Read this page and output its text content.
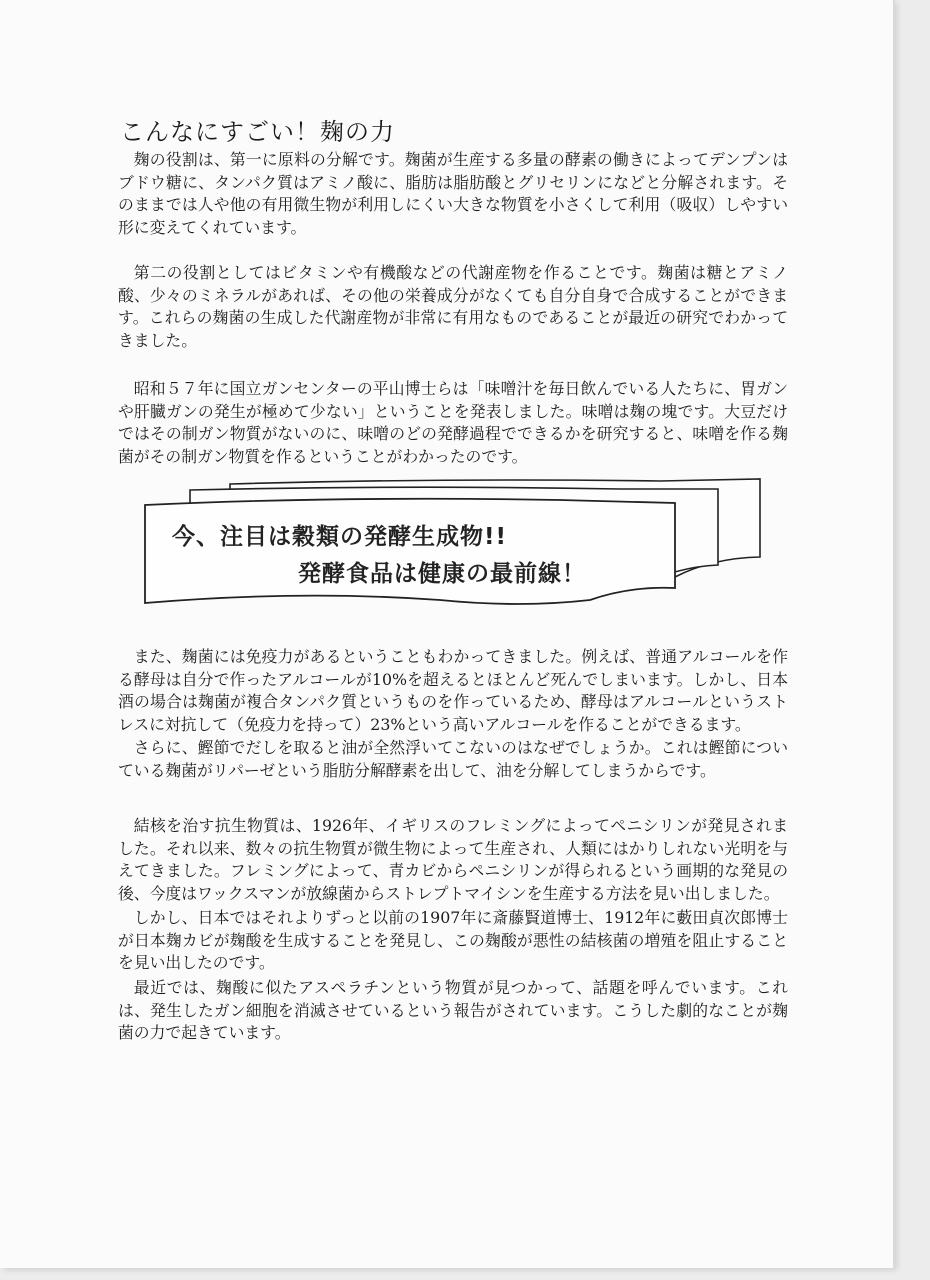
こんなにすごい！麹の力

麹の役割は、第一に原料の分解です。麹菌が生産する多量の酵素の働きによってデンプンはブドウ糖に、タンパク質はアミノ酸に、脂肪は脂肪酸とグリセリンになどと分解されます。そのままでは人や他の有用微生物が利用しにくい大きな物質を小さくして利用（吸収）しやすい形に変えてくれています。

第二の役割としてはビタミンや有機酸などの代謝産物を作ることです。麹菌は糖とアミノ酸、少々のミネラルがあれば、その他の栄養成分がなくても自分自身で合成することができます。これらの麹菌の生成した代謝産物が非常に有用なものであることが最近の研究でわかってきました。

昭和５７年に国立ガンセンターの平山博士らは「味噌汁を毎日飲んでいる人たちに、胃ガンや肝臓ガンの発生が極めて少ない」ということを発表しました。味噌は麹の塊です。大豆だけではその制ガン物質がないのに、味噌のどの発酵過程でできるかを研究すると、味噌を作る麹菌がその制ガン物質を作るということがわかったのです。

今、注目は穀類の発酵生成物!!
発酵食品は健康の最前線！

また、麹菌には免疫力があるということもわかってきました。例えば、普通アルコールを作る酵母は自分で作ったアルコールが10%を超えるとほとんど死んでしまいます。しかし、日本酒の場合は麹菌が複合タンパク質というものを作っているため、酵母はアルコールというストレスに対抗して（免疫力を持って）23%という高いアルコールを作ることができるます。

さらに、鰹節でだしを取ると油が全然浮いてこないのはなぜでしょうか。これは鰹節についている麹菌がリパーゼという脂肪分解酵素を出して、油を分解してしまうからです。

結核を治す抗生物質は、1926年、イギリスのフレミングによってペニシリンが発見されました。それ以来、数々の抗生物質が微生物によって生産され、人類にはかりしれない光明を与えてきました。フレミングによって、青カビからペニシリンが得られるという画期的な発見の後、今度はワックスマンが放線菌からストレプトマイシンを生産する方法を見い出しました。

しかし、日本ではそれよりずっと以前の1907年に斎藤賢道博士、1912年に藪田貞次郎博士が日本麹カビが麹酸を生成することを発見し、この麹酸が悪性の結核菌の増殖を阻止することを見い出したのです。

最近では、麹酸に似たアスペラチンという物質が見つかって、話題を呼んでいます。これは、発生したガン細胞を消滅させているという報告がされています。こうした劇的なことが麹菌の力で起きています。
